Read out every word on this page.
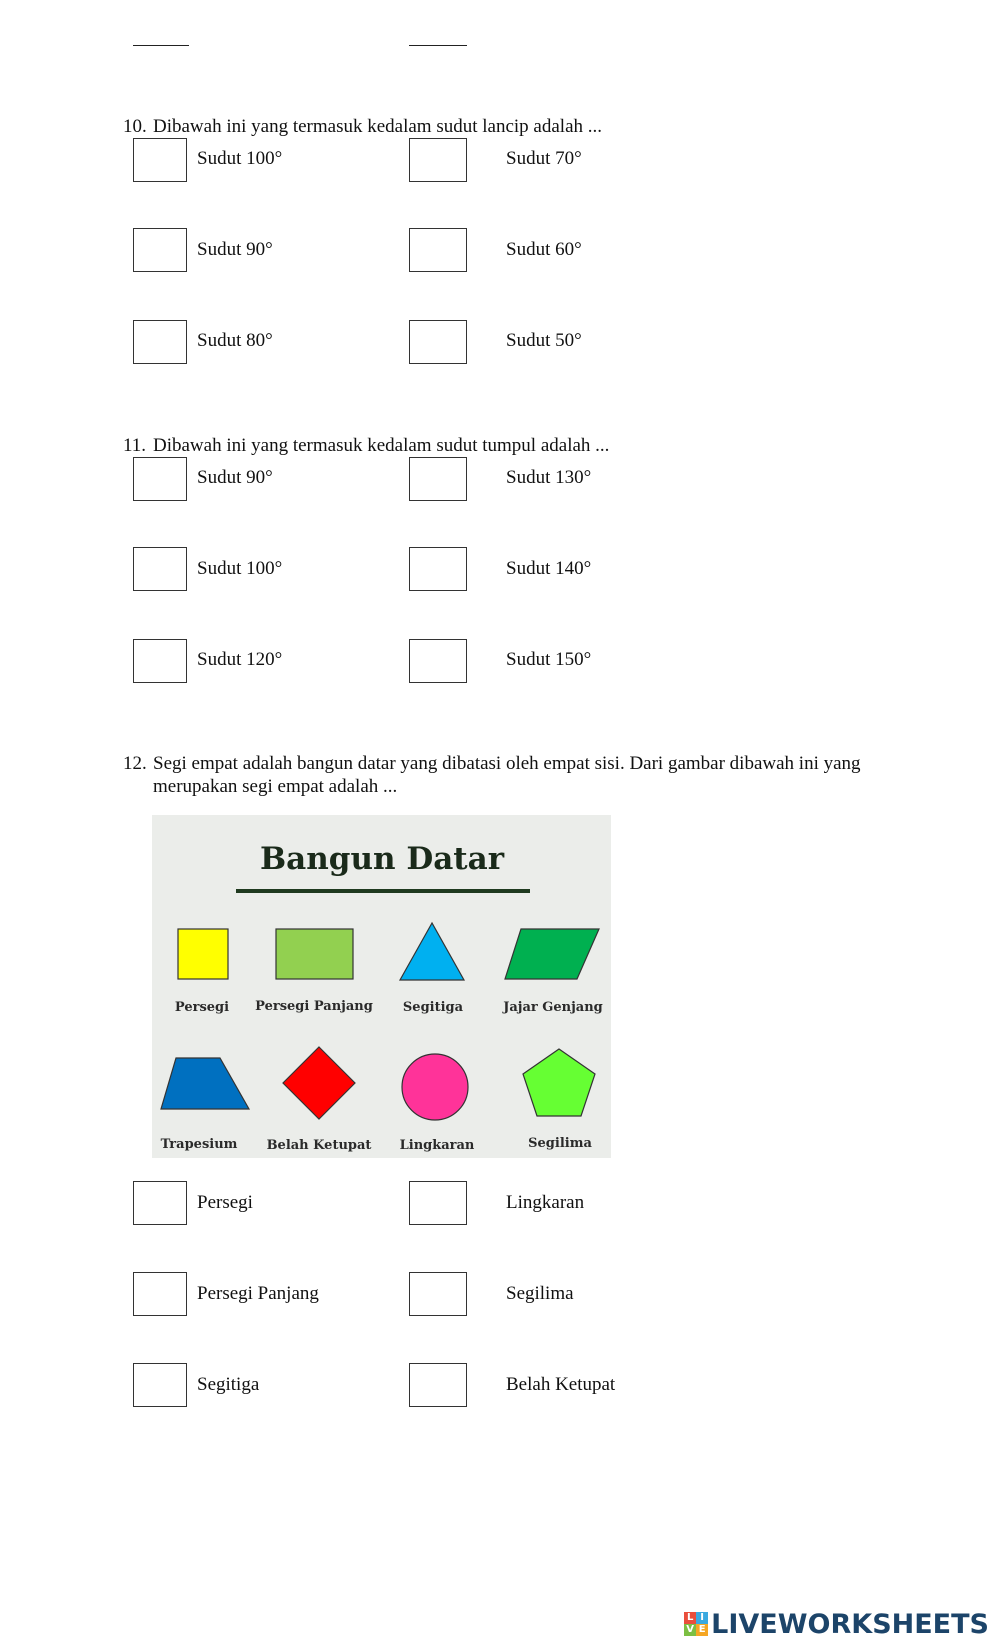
10. Dibawah ini yang termasuk kedalam sudut lancip adalah ...
Sudut 100°	Sudut 70°
Sudut 90°	Sudut 60°
Sudut 80°	Sudut 50°
11. Dibawah ini yang termasuk kedalam sudut tumpul adalah ...
Sudut 90°	Sudut 130°
Sudut 100°	Sudut 140°
Sudut 120°	Sudut 150°
12. Segi empat adalah bangun datar yang dibatasi oleh empat sisi. Dari gambar dibawah ini yang merupakan segi empat adalah ...
Bangun Datar
Persegi Persegi Panjang Segitiga	Jajar Genjang
Trapesium Belah Ketupat Lingkaran	Segilima
Persegi	Lingkaran
Persegi Panjang	Segilima
Segitiga	Belah Ketupat
L I
V E LIVEWORKSHEETS
